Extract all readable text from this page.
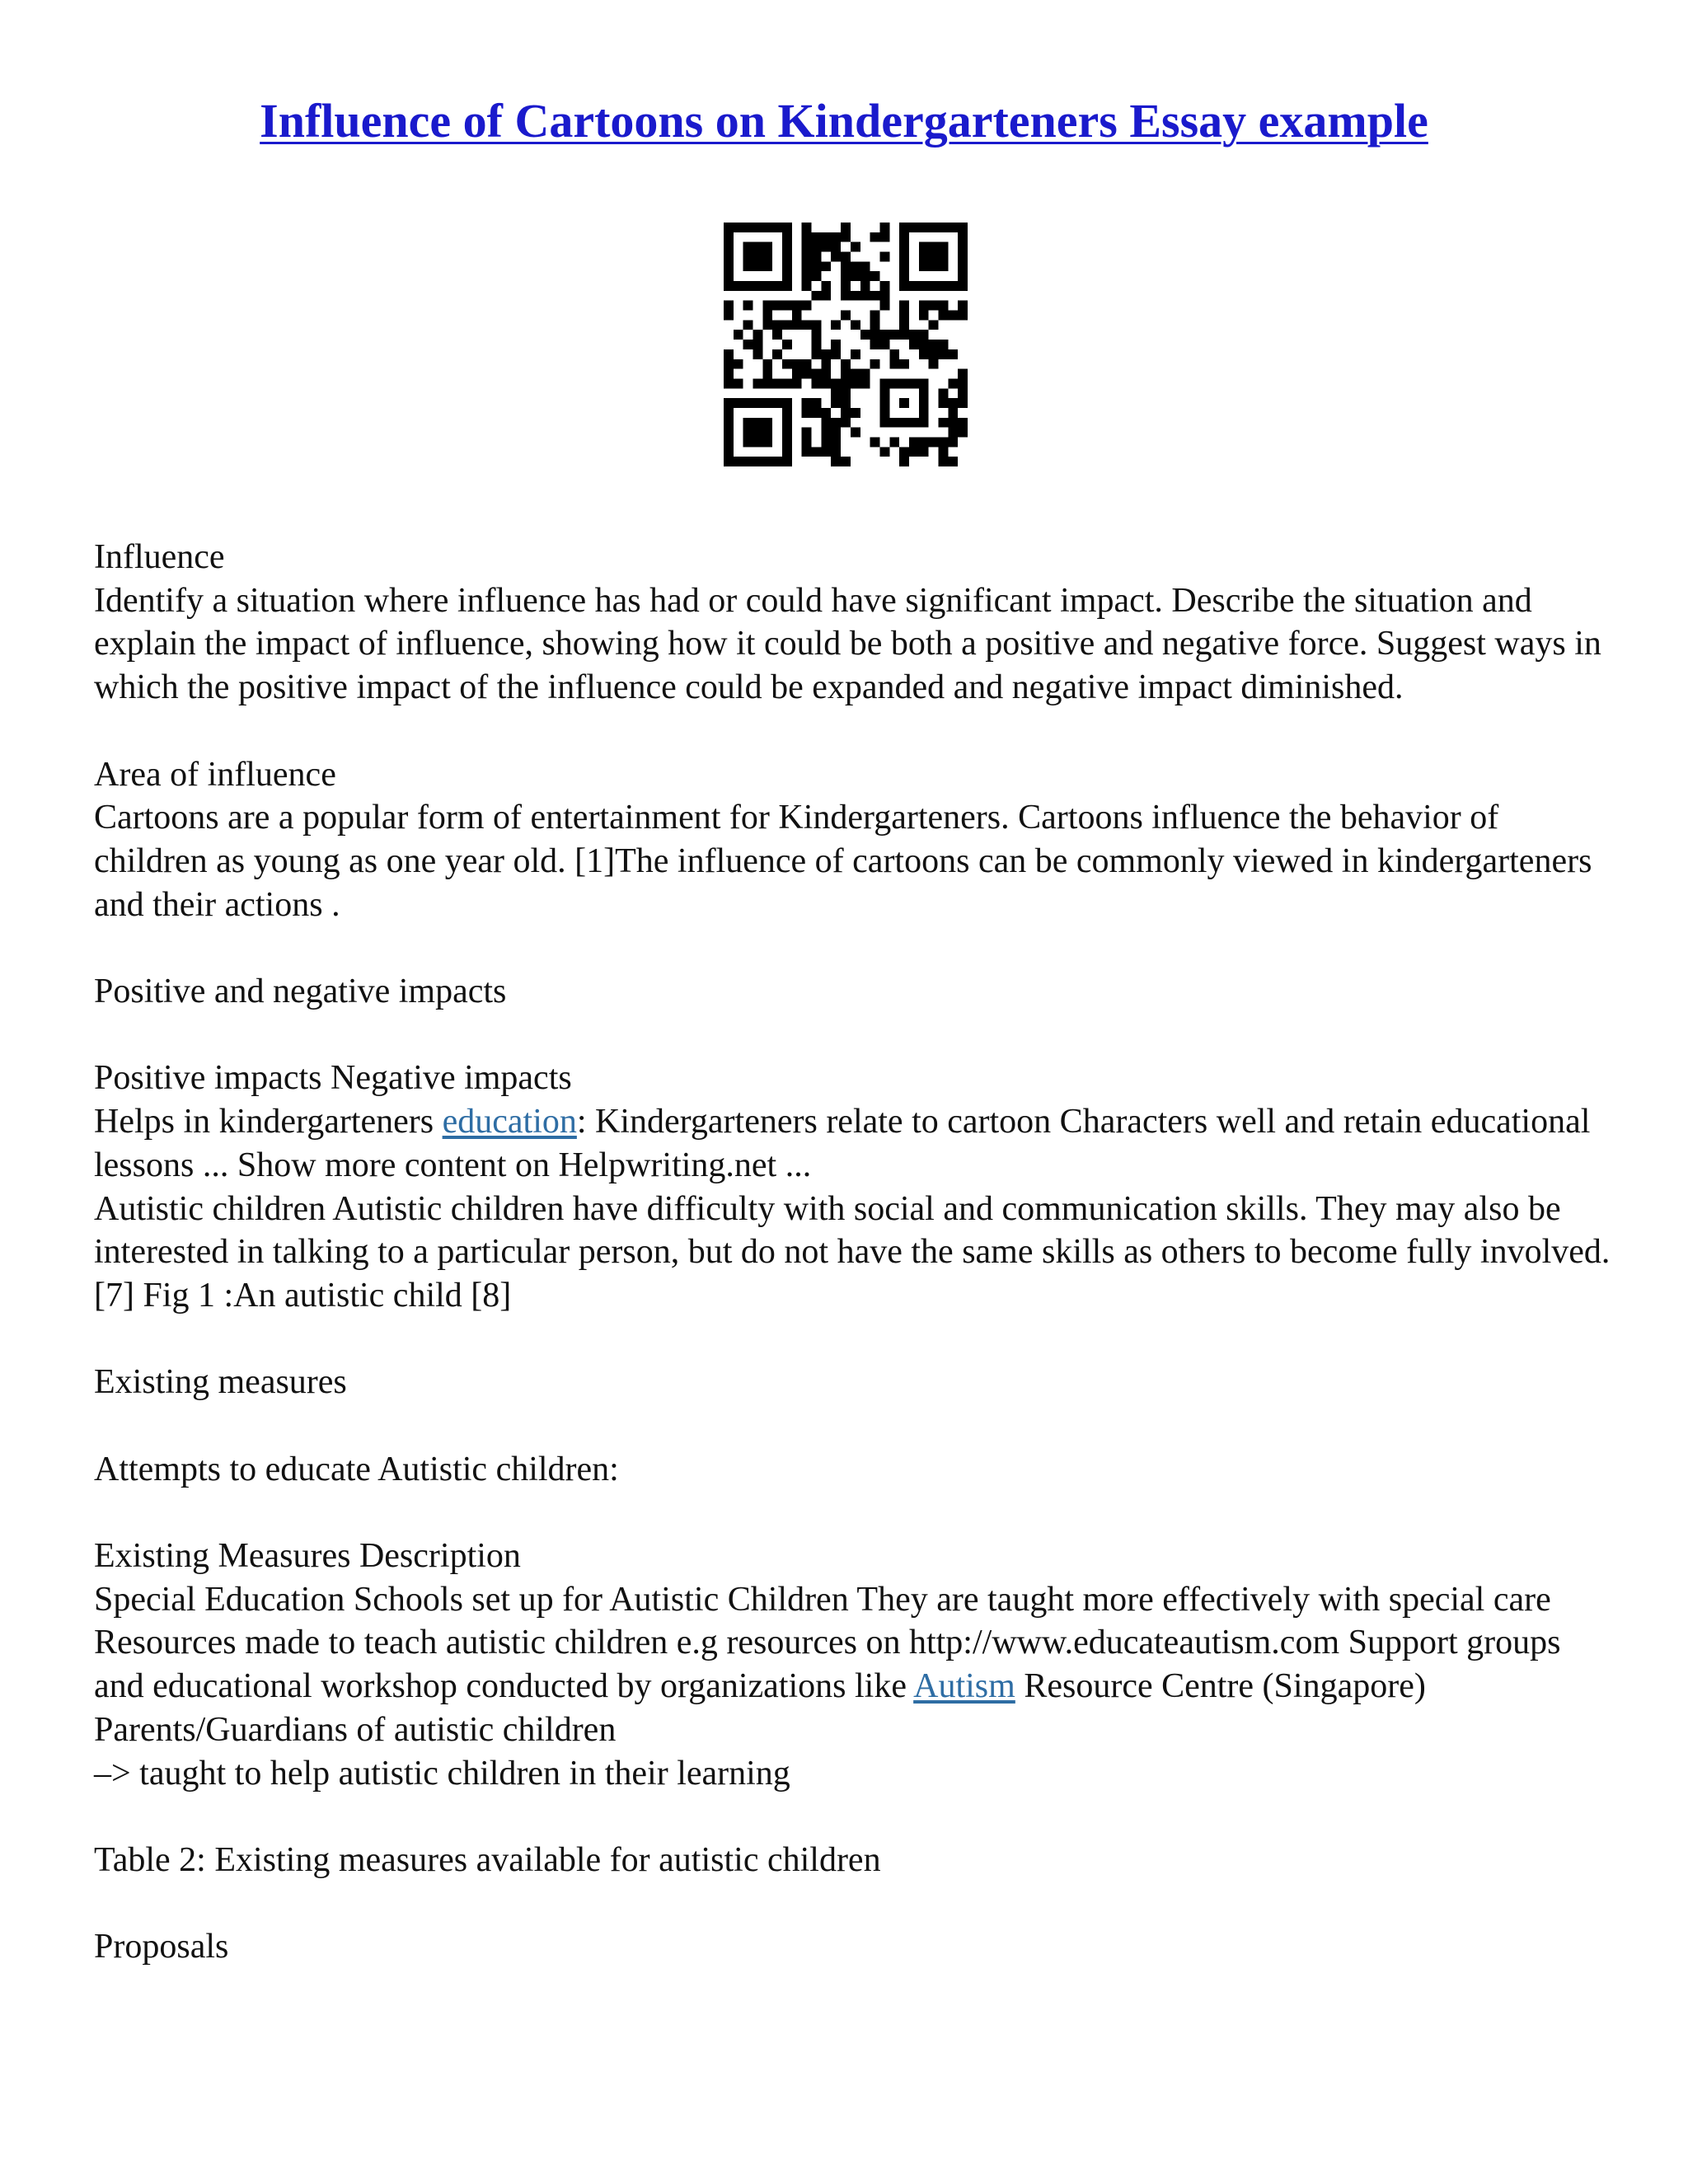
Influence of Cartoons on Kindergarteners Essay example

Influence

Identify a situation where influence has had or could have significant impact. Describe the situation and explain the impact of influence, showing how it could be both a positive and negative force. Suggest ways in which the positive impact of the influence could be expanded and negative impact diminished.

Area of influence

Cartoons are a popular form of entertainment for Kindergarteners. Cartoons influence the behavior of children as young as one year old. [1]The influence of cartoons can be commonly viewed in kindergarteners and their actions .

Positive and negative impacts

Positive impacts Negative impacts

Helps in kindergarteners education: Kindergarteners relate to cartoon Characters well and retain educational lessons ... Show more content on Helpwriting.net ...

Autistic children Autistic children have difficulty with social and communication skills. They may also be interested in talking to a particular person, but do not have the same skills as others to become fully involved. [7] Fig 1 :An autistic child [8]

Existing measures

Attempts to educate Autistic children:

Existing Measures Description

Special Education Schools set up for Autistic Children They are taught more effectively with special care

Resources made to teach autistic children e.g resources on http://www.educateautism.com Support groups and educational workshop conducted by organizations like Autism Resource Centre (Singapore) Parents/Guardians of autistic children

–> taught to help autistic children in their learning

Table 2: Existing measures available for autistic children

Proposals
